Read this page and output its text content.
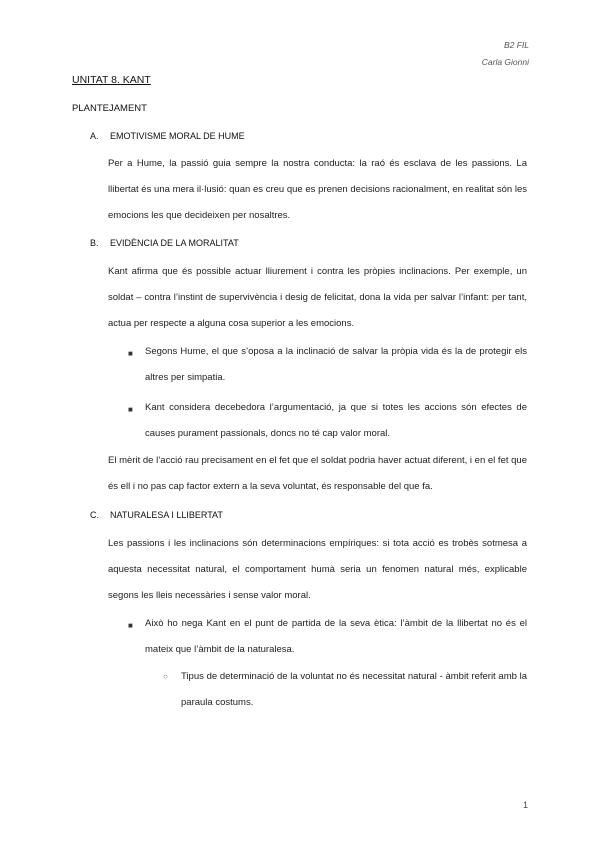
B2 FIL
Carla Gionni
UNITAT 8. KANT
PLANTEJAMENT
A. EMOTIVISME MORAL DE HUME
Per a Hume, la passió guia sempre la nostra conducta: la raó és esclava de les passions. La llibertat és una mera il·lusió: quan es creu que es prenen decisions racionalment, en realitat són les emocions les que decideixen per nosaltres.
B. EVIDÈNCIA DE LA MORALITAT
Kant afirma que és possible actuar lliurement i contra les pròpies inclinacions. Per exemple, un soldat – contra l’instint de supervivència i desig de felicitat, dona la vida per salvar l’infant: per tant, actua per respecte a alguna cosa superior a les emocions.
■ Segons Hume, el que s’oposa a la inclinació de salvar la pròpia vida és la de protegir els altres per simpatia.
■ Kant considera decebedora l’argumentació, ja que si totes les accions són efectes de causes purament passionals, doncs no té cap valor moral.
El mèrit de l’acció rau precisament en el fet que el soldat podria haver actuat diferent, i en el fet que és ell i no pas cap factor extern a la seva voluntat, és responsable del que fa.
C. NATURALESA I LLIBERTAT
Les passions i les inclinacions són determinacions empíriques: si tota acció es trobès sotmesa a aquesta necessitat natural, el comportament humà seria un fenomen natural més, explicable segons les lleis necessàries i sense valor moral.
■ Això ho nega Kant en el punt de partida de la seva ètica: l’àmbit de la llibertat no és el mateix que l’àmbit de la naturalesa.
○ Tipus de determinació de la voluntat no és necessitat natural - àmbit referit amb la paraula costums.
1
